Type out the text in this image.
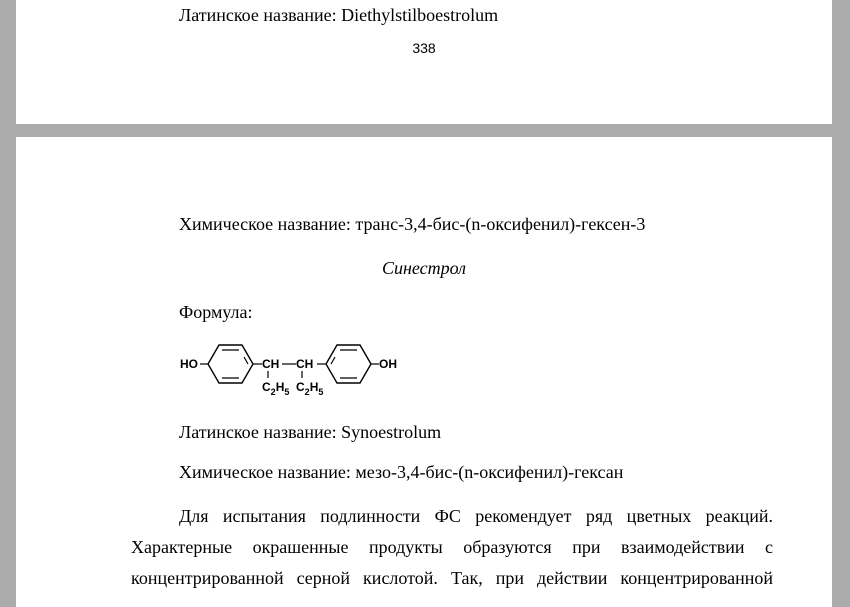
Латинское название: Diethylstilboestrolum
338
Химическое название: транс-3,4-бис-(n-оксифенил)-гексен-3
Синестрол
Формула:
HO	CH CH
$C_2H_5$ $C_2H_5$
OH
Латинское название: Synoestrolum
Химическое название: мезо-3,4-бис-(n-оксифенил)-гексан
Для испытания подлинности ФС рекомендует ряд цветных реакций.
Характерные окрашенные продукты образуются при взаимодействии с
концентрированной серной кислотой. Так, при действии концентрированной
